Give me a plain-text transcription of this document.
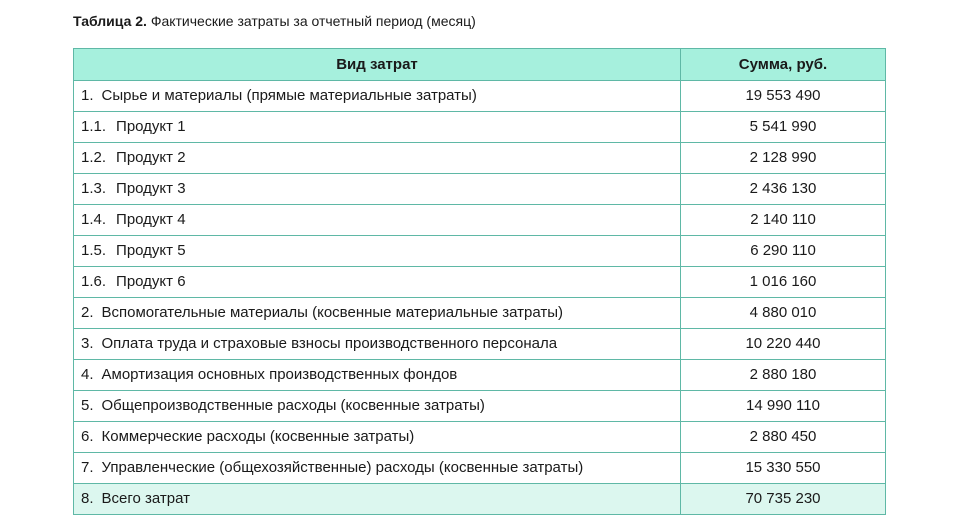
Таблица 2. Фактические затраты за отчетный период (месяц)
Вид затрат	Сумма, руб.
1. Сырье и материалы (прямые материальные затраты)	19 553 490
1.1. Продукт 1	5 541 990
1.2. Продукт 2	2 128 990
1.3. Продукт 3	2 436 130
1.4. Продукт 4	2 140 110
1.5. Продукт 5	6 290 110
1.6. Продукт 6	1 016 160
2. Вспомогательные материалы (косвенные материальные затраты)	4 880 010
3. Оплата труда и страховые взносы производственного персонала	10 220 440
4. Амортизация основных производственных фондов	2 880 180
5. Общепроизводственные расходы (косвенные затраты)	14 990 110
6. Коммерческие расходы (косвенные затраты)	2 880 450
7. Управленческие (общехозяйственные) расходы (косвенные затраты)	15 330 550
8. Всего затрат	70 735 230
